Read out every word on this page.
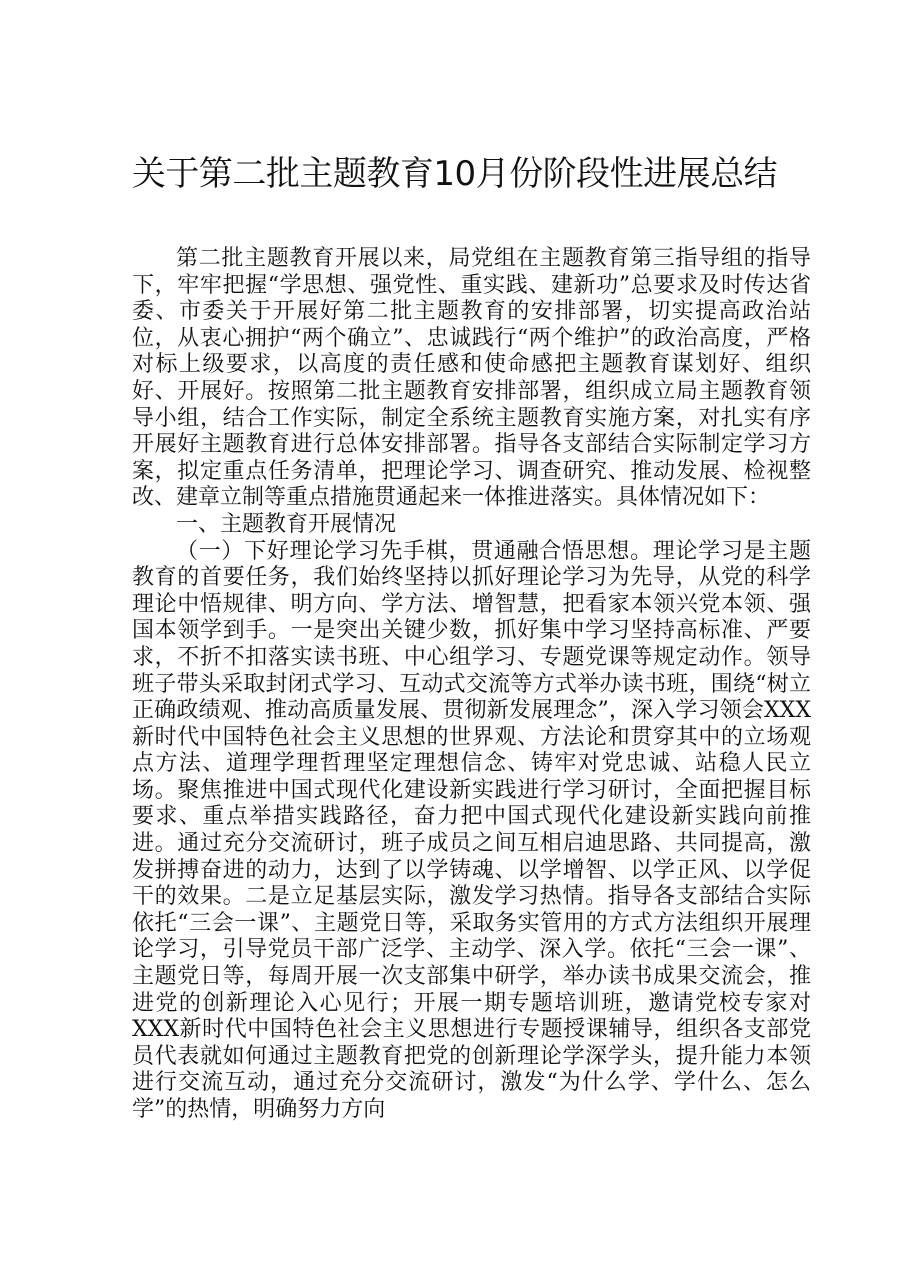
关于第二批主题教育10月份阶段性进展总结

第二批主题教育开展以来，局党组在主题教育第三指导组的指导下，牢牢把握“学思想、强党性、重实践、建新功”总要求及时传达省委、市委关于开展好第二批主题教育的安排部署，切实提高政治站位，从衷心拥护“两个确立”、忠诚践行“两个维护”的政治高度，严格对标上级要求，以高度的责任感和使命感把主题教育谋划好、组织好、开展好。按照第二批主题教育安排部署，组织成立局主题教育领导小组，结合工作实际，制定全系统主题教育实施方案，对扎实有序开展好主题教育进行总体安排部署。指导各支部结合实际制定学习方案，拟定重点任务清单，把理论学习、调查研究、推动发展、检视整改、建章立制等重点措施贯通起来一体推进落实。具体情况如下：

一、主题教育开展情况

（一）下好理论学习先手棋，贯通融合悟思想。理论学习是主题教育的首要任务，我们始终坚持以抓好理论学习为先导，从党的科学理论中悟规律、明方向、学方法、增智慧，把看家本领兴党本领、强国本领学到手。一是突出关键少数，抓好集中学习坚持高标准、严要求，不折不扣落实读书班、中心组学习、专题党课等规定动作。领导班子带头采取封闭式学习、互动式交流等方式举办读书班，围绕“树立正确政绩观、推动高质量发展、贯彻新发展理念”，深入学习领会XXX新时代中国特色社会主义思想的世界观、方法论和贯穿其中的立场观点方法、道理学理哲理坚定理想信念、铸牢对党忠诚、站稳人民立场。聚焦推进中国式现代化建设新实践进行学习研讨，全面把握目标要求、重点举措实践路径，奋力把中国式现代化建设新实践向前推进。通过充分交流研讨，班子成员之间互相启迪思路、共同提高，激发拼搏奋进的动力，达到了以学铸魂、以学增智、以学正风、以学促干的效果。二是立足基层实际，激发学习热情。指导各支部结合实际依托“三会一课”、主题党日等，采取务实管用的方式方法组织开展理论学习，引导党员干部广泛学、主动学、深入学。依托“三会一课”、主题党日等，每周开展一次支部集中研学，举办读书成果交流会，推进党的创新理论入心见行；开展一期专题培训班，邀请党校专家对XXX新时代中国特色社会主义思想进行专题授课辅导，组织各支部党员代表就如何通过主题教育把党的创新理论学深学头，提升能力本领进行交流互动，通过充分交流研讨，激发“为什么学、学什么、怎么学”的热情，明确努力方向
